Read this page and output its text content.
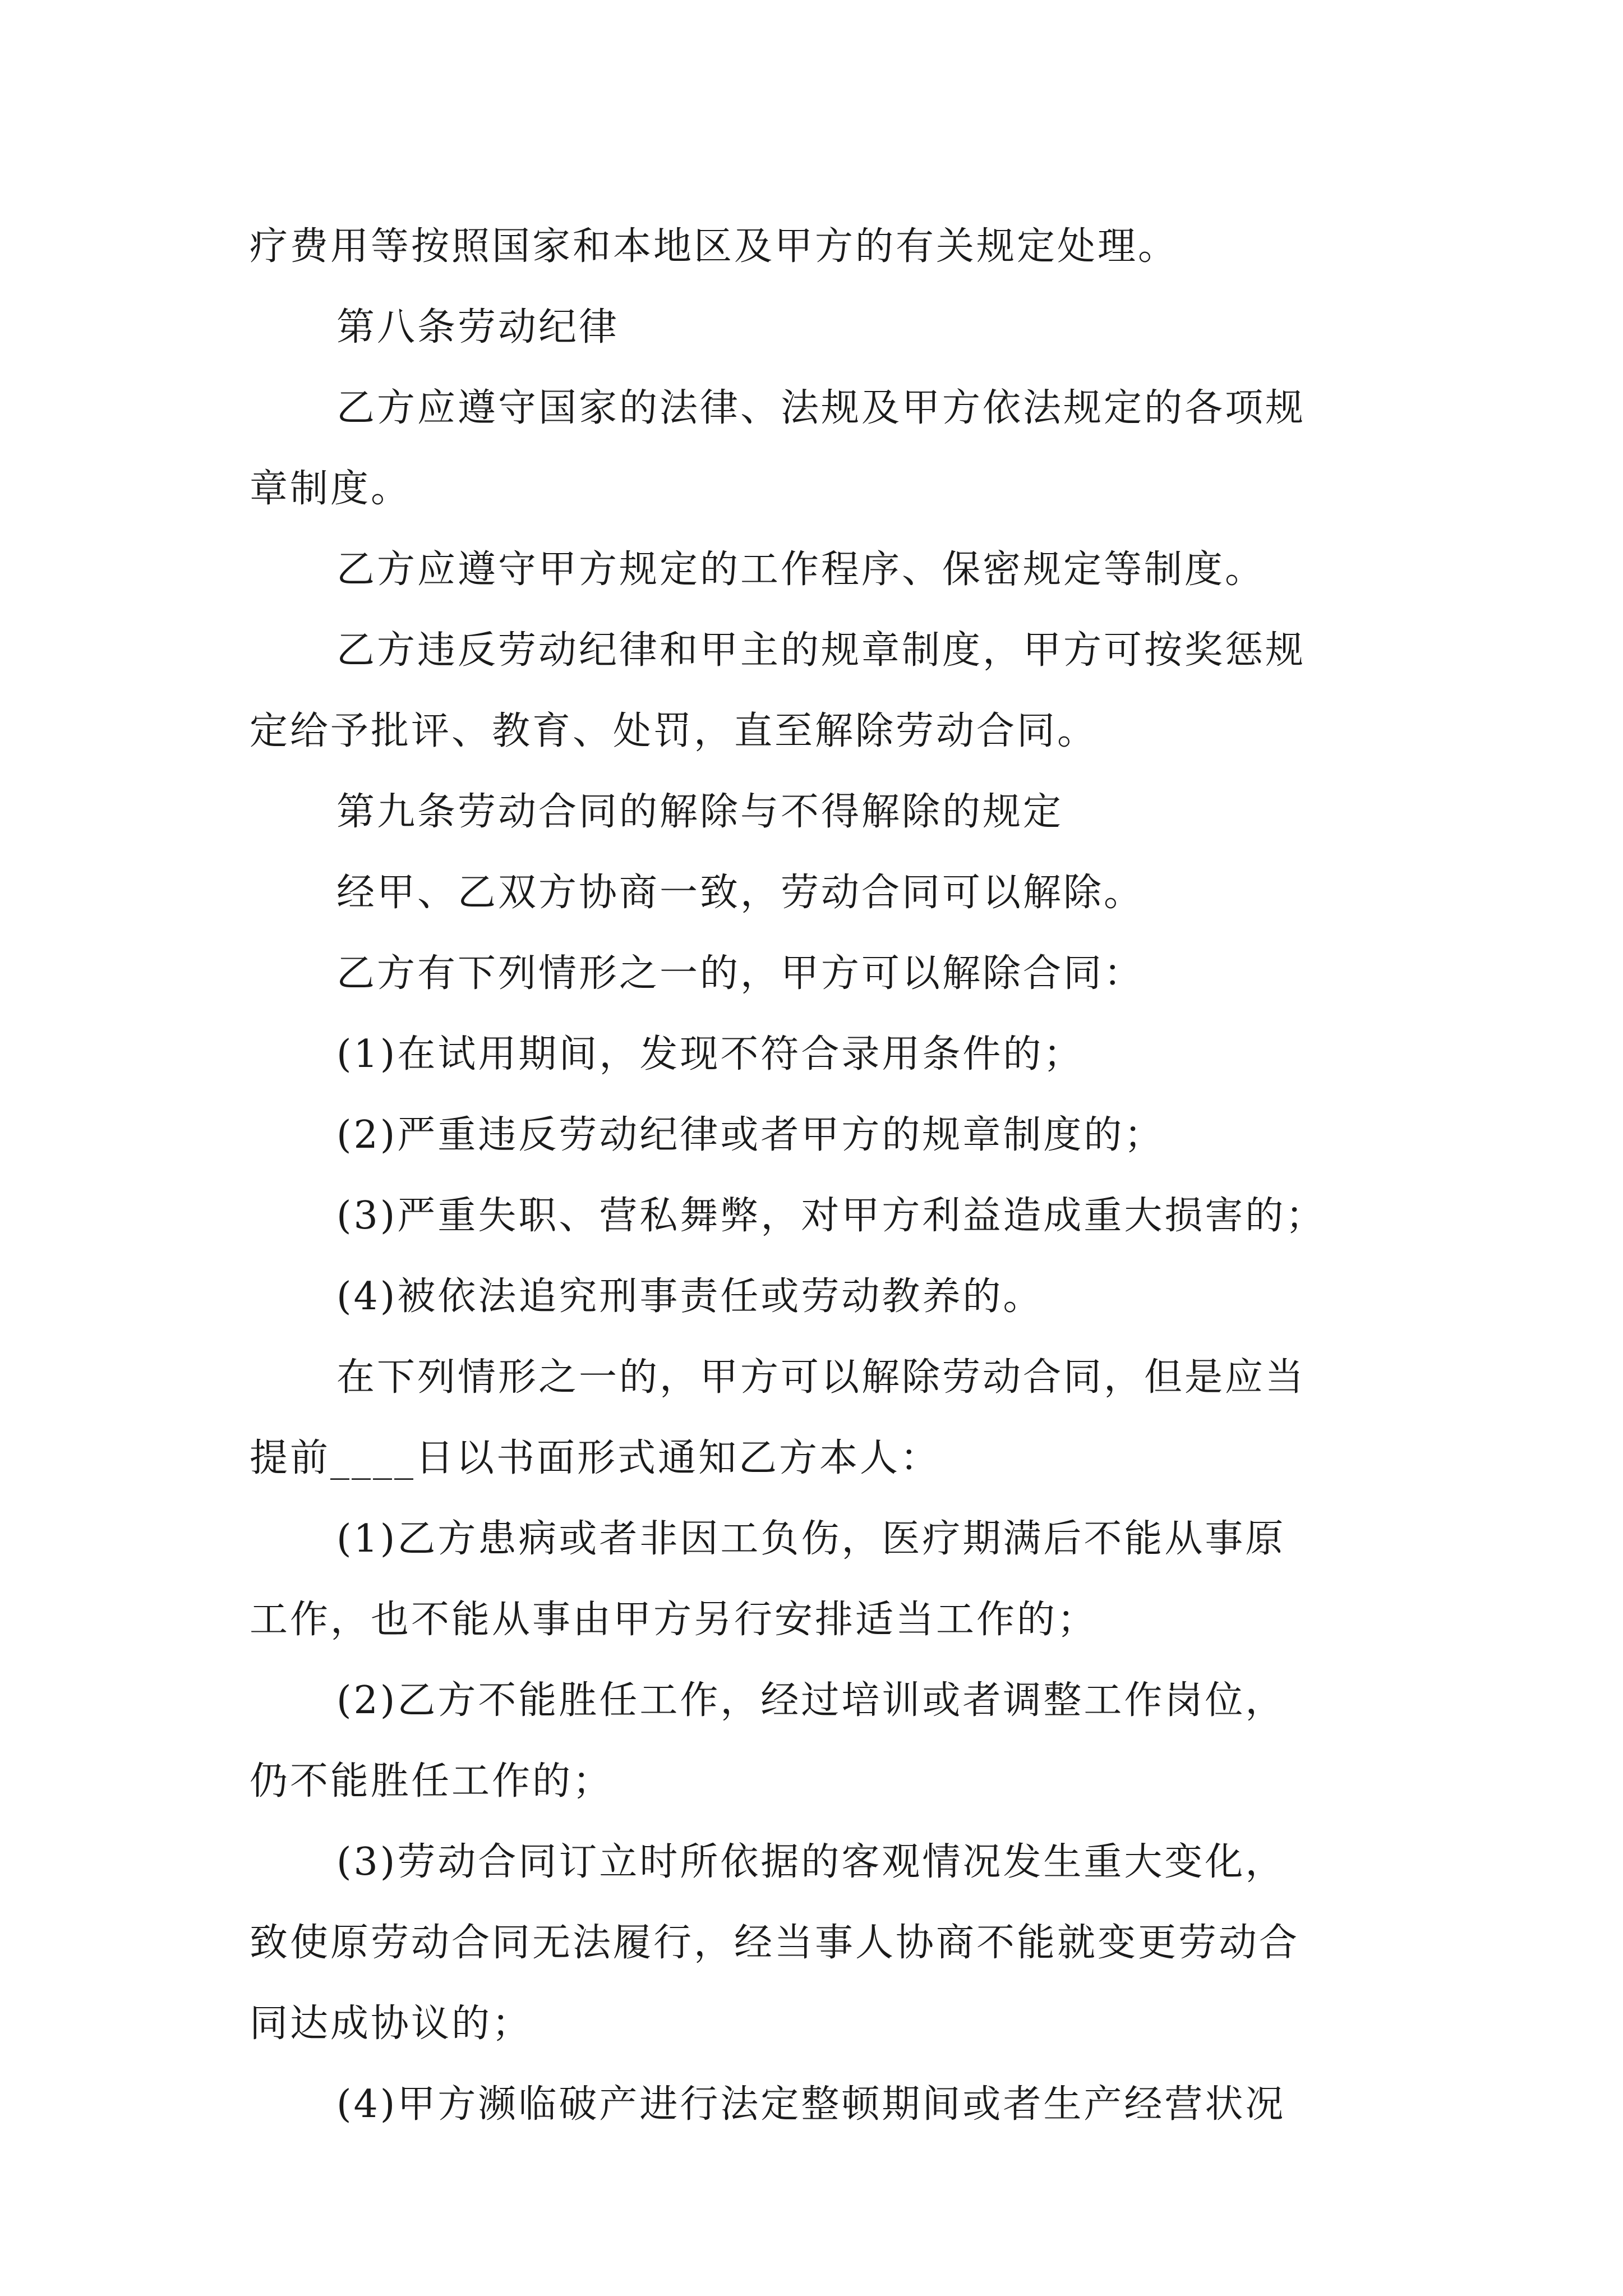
疗费用等按照国家和本地区及甲方的有关规定处理。

第八条劳动纪律

乙方应遵守国家的法律、法规及甲方依法规定的各项规

章制度。

乙方应遵守甲方规定的工作程序、保密规定等制度。

乙方违反劳动纪律和甲主的规章制度，甲方可按奖惩规

定给予批评、教育、处罚，直至解除劳动合同。

第九条劳动合同的解除与不得解除的规定

经甲、乙双方协商一致，劳动合同可以解除。

乙方有下列情形之一的，甲方可以解除合同：

(1)在试用期间，发现不符合录用条件的；

(2)严重违反劳动纪律或者甲方的规章制度的；

(3)严重失职、营私舞弊，对甲方利益造成重大损害的；

(4)被依法追究刑事责任或劳动教养的。

在下列情形之一的，甲方可以解除劳动合同，但是应当

提前____日以书面形式通知乙方本人：

(1)乙方患病或者非因工负伤，医疗期满后不能从事原

工作，也不能从事由甲方另行安排适当工作的；

(2)乙方不能胜任工作，经过培训或者调整工作岗位，

仍不能胜任工作的；

(3)劳动合同订立时所依据的客观情况发生重大变化，

致使原劳动合同无法履行，经当事人协商不能就变更劳动合

同达成协议的；

(4)甲方濒临破产进行法定整顿期间或者生产经营状况
